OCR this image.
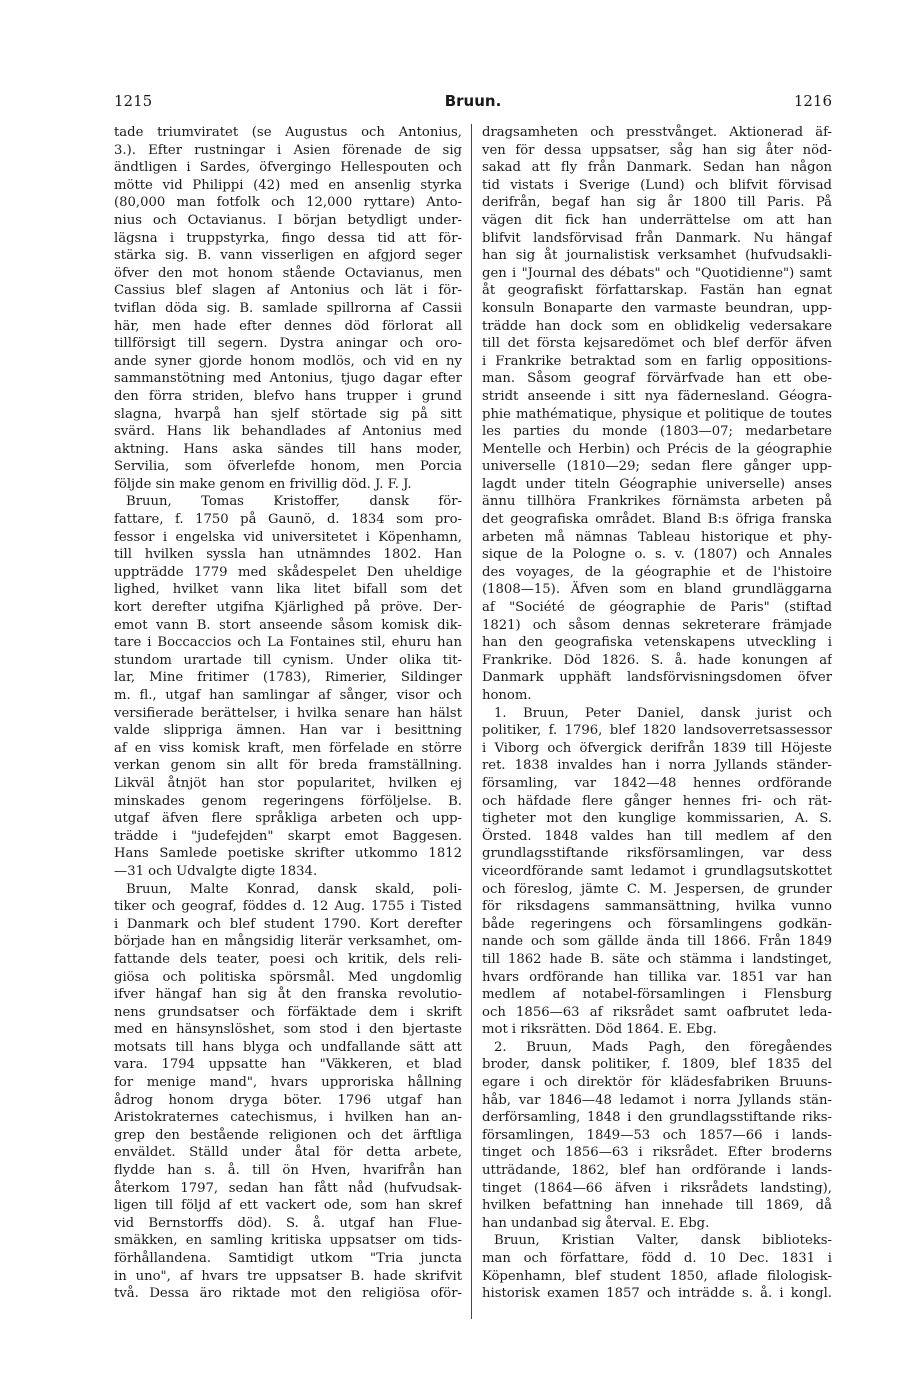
1215	Bruun.	1216
tade triumviratet (se Augustus och Antonius,
3.). Efter rustningar i Asien förenade de sig
ändtligen i Sardes, öfvergingo Hellespouten och
mötte vid Philippi (42) med en ansenlig styrka
(80,000 man fotfolk och 12,000 ryttare) Anto-
nius och Octavianus. I början betydligt under-
lägsna i truppstyrka, fingo dessa tid att för-
stärka sig. B. vann visserligen en afgjord seger
öfver den mot honom stående Octavianus, men
Cassius blef slagen af Antonius och lät i för-
tviflan döda sig. B. samlade spillrorna af Cassii
här, men hade efter dennes död förlorat all
tillförsigt till segern. Dystra aningar och oro-
ande syner gjorde honom modlös, och vid en ny
sammanstötning med Antonius, tjugo dagar efter
den förra striden, blefvo hans trupper i grund
slagna, hvarpå han sjelf störtade sig på sitt
svärd. Hans lik behandlades af Antonius med
aktning. Hans aska sändes till hans moder,
Servilia, som öfverlefde honom, men Porcia
följde sin make genom en frivillig död. J. F. J.
Bruun, Tomas Kristoffer, dansk för-
fattare, f. 1750 på Gaunö, d. 1834 som pro-
fessor i engelska vid universitetet i Köpenhamn,
till hvilken syssla han utnämndes 1802. Han
uppträdde 1779 med skådespelet Den uheldige
lighed, hvilket vann lika litet bifall som det
kort derefter utgifna Kjärlighed på pröve. Der-
emot vann B. stort anseende såsom komisk dik-
tare i Boccaccios och La Fontaines stil, ehuru han
stundom urartade till cynism. Under olika tit-
lar, Mine fritimer (1783), Rimerier, Sildinger
m. fl., utgaf han samlingar af sånger, visor och
versifierade berättelser, i hvilka senare han hälst
valde slippriga ämnen. Han var i besittning
af en viss komisk kraft, men förfelade en större
verkan genom sin allt för breda framställning.
Likväl åtnjöt han stor popularitet, hvilken ej
minskades genom regeringens förföljelse. B.
utgaf äfven flere språkliga arbeten och upp-
trädde i "judefejden" skarpt emot Baggesen.
Hans Samlede poetiske skrifter utkommo 1812
—31 och Udvalgte digte 1834.
Bruun, Malte Konrad, dansk skald, poli-
tiker och geograf, föddes d. 12 Aug. 1755 i Tisted
i Danmark och blef student 1790. Kort derefter
började han en mångsidig literär verksamhet, om-
fattande dels teater, poesi och kritik, dels reli-
giösa och politiska spörsmål. Med ungdomlig
ifver hängaf han sig åt den franska revolutio-
nens grundsatser och förfäktade dem i skrift
med en hänsynslöshet, som stod i den bjertaste
motsats till hans blyga och undfallande sätt att
vara. 1794 uppsatte han "Väkkeren, et blad
for menige mand", hvars upproriska hållning
ådrog honom dryga böter. 1796 utgaf han
Aristokraternes catechismus, i hvilken han an-
grep den bestående religionen och det ärftliga
enväldet. Ställd under åtal för detta arbete,
flydde han s. å. till ön Hven, hvarifrån han
återkom 1797, sedan han fått nåd (hufvudsak-
ligen till följd af ett vackert ode, som han skref
vid Bernstorffs död). S. å. utgaf han Flue-
smäkken, en samling kritiska uppsatser om tids-
förhållandena. Samtidigt utkom "Tria juncta
in uno", af hvars tre uppsatser B. hade skrifvit
två. Dessa äro riktade mot den religiösa oför-
dragsamheten och presstvånget. Aktionerad äf-
ven för dessa uppsatser, såg han sig åter nöd-
sakad att fly från Danmark. Sedan han någon
tid vistats i Sverige (Lund) och blifvit förvisad
derifrån, begaf han sig år 1800 till Paris. På
vägen dit fick han underrättelse om att han
blifvit landsförvisad från Danmark. Nu hängaf
han sig åt journalistisk verksamhet (hufvudsakli-
gen i "Journal des débats" och "Quotidienne") samt
åt geografiskt författarskap. Fastän han egnat
konsuln Bonaparte den varmaste beundran, upp-
trädde han dock som en oblidkelig vedersakare
till det första kejsaredömet och blef derför äfven
i Frankrike betraktad som en farlig oppositions-
man. Såsom geograf förvärfvade han ett obe-
stridt anseende i sitt nya fädernesland. Géogra-
phie mathématique, physique et politique de toutes
les parties du monde (1803—07; medarbetare
Mentelle och Herbin) och Précis de la géographie
universelle (1810—29; sedan flere gånger upp-
lagdt under titeln Géographie universelle) anses
ännu tillhöra Frankrikes förnämsta arbeten på
det geografiska området. Bland B:s öfriga franska
arbeten må nämnas Tableau historique et phy-
sique de la Pologne o. s. v. (1807) och Annales
des voyages, de la géographie et de l'histoire
(1808—15). Äfven som en bland grundläggarna
af "Société de géographie de Paris" (stiftad
1821) och såsom dennas sekreterare främjade
han den geografiska vetenskapens utveckling i
Frankrike. Död 1826. S. å. hade konungen af
Danmark upphäft landsförvisningsdomen öfver
honom.
1. Bruun, Peter Daniel, dansk jurist och
politiker, f. 1796, blef 1820 landsoverretsassessor
i Viborg och öfvergick derifrån 1839 till Höjeste
ret. 1838 invaldes han i norra Jyllands ständer-
församling, var 1842—48 hennes ordförande
och häfdade flere gånger hennes fri- och rät-
tigheter mot den kunglige kommissarien, A. S.
Örsted. 1848 valdes han till medlem af den
grundlagsstiftande riksförsamlingen, var dess
viceordförande samt ledamot i grundlagsutskottet
och föreslog, jämte C. M. Jespersen, de grunder
för riksdagens sammansättning, hvilka vunno
både regeringens och församlingens godkän-
nande och som gällde ända till 1866. Från 1849
till 1862 hade B. säte och stämma i landstinget,
hvars ordförande han tillika var. 1851 var han
medlem af notabel-församlingen i Flensburg
och 1856—63 af riksrådet samt oafbrutet leda-
mot i riksrätten. Död 1864. E. Ebg.
2. Bruun, Mads Pagh, den föregåendes
broder, dansk politiker, f. 1809, blef 1835 del
egare i och direktör för klädesfabriken Bruuns-
håb, var 1846—48 ledamot i norra Jyllands stän-
derförsamling, 1848 i den grundlagsstiftande riks-
församlingen, 1849—53 och 1857—66 i lands-
tinget och 1856—63 i riksrådet. Efter broderns
utträdande, 1862, blef han ordförande i lands-
tinget (1864—66 äfven i riksrådets landsting),
hvilken befattning han innehade till 1869, då
han undanbad sig återval. E. Ebg.
Bruun, Kristian Valter, dansk biblioteks-
man och författare, född d. 10 Dec. 1831 i
Köpenhamn, blef student 1850, aflade filologisk-
historisk examen 1857 och inträdde s. å. i kongl.
